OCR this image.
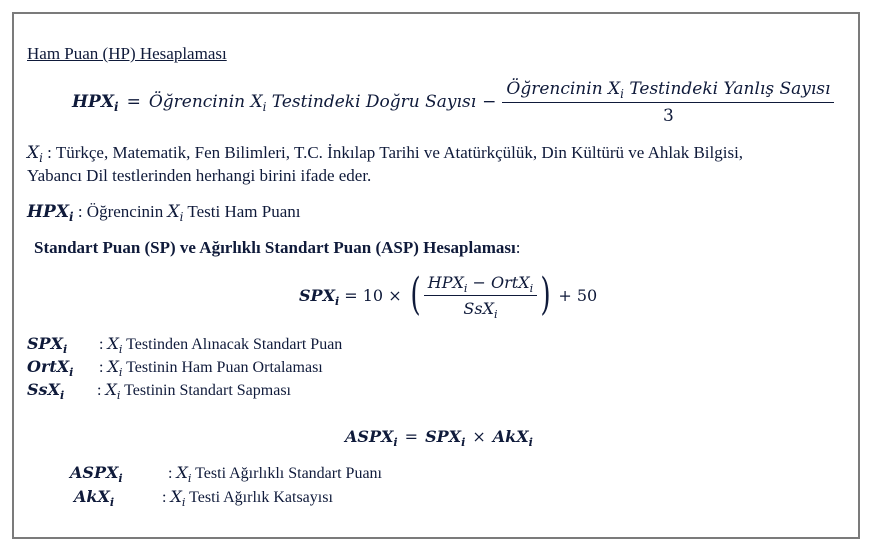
Ham Puan (HP) Hesaplaması
$HPX_i$ = Öğrencinin $X_i$ Testindeki Doğru Sayısı − $\frac{Öğrencinin X_i Testindeki Yanlış Sayısı}{3}$
$X_i$ : Türkçe, Matematik, Fen Bilimleri, T.C. İnkılap Tarihi ve Atatürkçülük, Din Kültürü ve Ahlak Bilgisi,
Yabancı Dil testlerinden herhangi birini ifade eder.
$HPX_i$ : Öğrencinin $X_i$ Testi Ham Puanı
Standart Puan (SP) ve Ağırlıklı Standart Puan (ASP) Hesaplaması:
$SPX_i = 10$ × ( $\frac{HPX_i - OrtX_i}{SsX_i}$ ) + 50
$SPX_i$ : $X_i$ Testinden Alınacak Standart Puan
OrtX$_i$ : $X_i$ Testinin Ham Puan Ortalaması
SsX$_i$ : $X_i$ Testinin Standart Sapması
$ASPX_i = SPX_i \times AkX_i$
$ASPX_i$	: $X_i$ Testi Ağırlıklı Standart Puanı
AkX$_i$	: $X_i$ Testi Ağırlık Katsayısı
